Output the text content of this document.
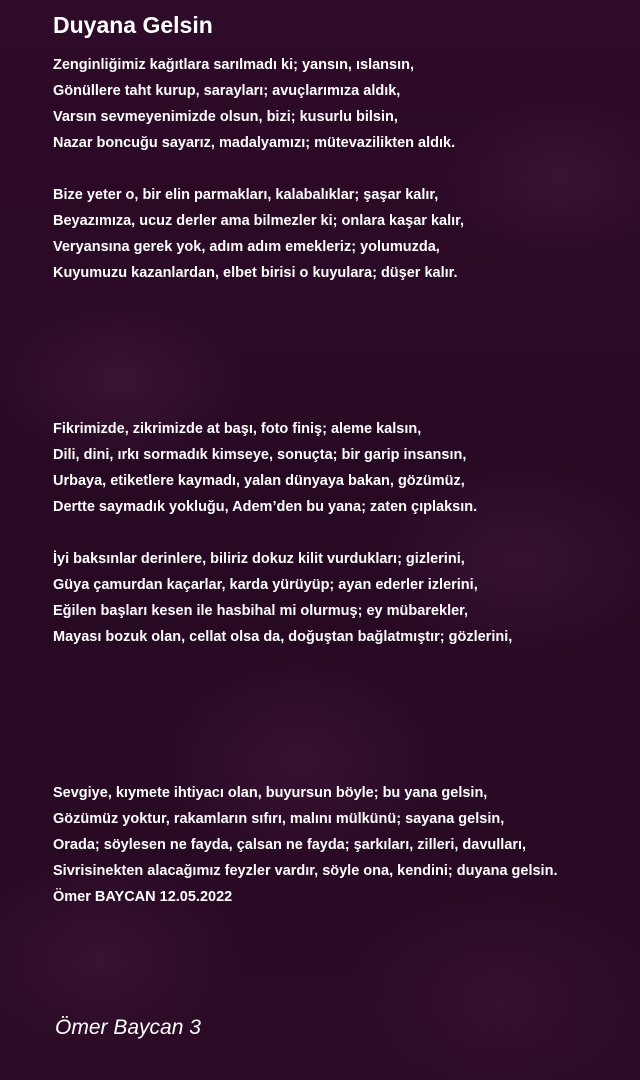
Duyana Gelsin
Zenginliğimiz kağıtlara sarılmadı ki; yansın, ıslansın,
Gönüllere taht kurup, sarayları; avuçlarımıza aldık,
Varsın sevmeyenimizde olsun, bizi; kusurlu bilsin,
Nazar boncuğu sayarız, madalyamızı; mütevazilikten aldık.
Bize yeter o, bir elin parmakları, kalabalıklar; şaşar kalır,
Beyazımıza, ucuz derler ama bilmezler ki; onlara kaşar kalır,
Veryansına gerek yok, adım adım emekleriz; yolumuzda,
Kuyumuzu kazanlardan, elbet birisi o kuyulara; düşer kalır.
Fikrimizde, zikrimizde at başı, foto finiş; aleme kalsın,
Dili, dini, ırkı sormadık kimseye, sonuçta; bir garip insansın,
Urbaya, etiketlere kaymadı, yalan dünyaya bakan, gözümüz,
Dertte saymadık yokluğu, Adem’den bu yana; zaten çıplaksın.
İyi baksınlar derinlere, biliriz dokuz kilit vurdukları; gizlerini,
Güya çamurdan kaçarlar, karda yürüyüp; ayan ederler izlerini,
Eğilen başları kesen ile hasbihal mi olurmuş; ey mübarekler,
Mayası bozuk olan, cellat olsa da, doğuştan bağlatmıştır; gözlerini,
Sevgiye, kıymete ihtiyacı olan, buyursun böyle; bu yana gelsin,
Gözümüz yoktur, rakamların sıfırı, malını mülkünü; sayana gelsin,
Orada; söylesen ne fayda, çalsan ne fayda; şarkıları, zilleri, davulları,
Sivrisinekten alacağımız feyzler vardır, söyle ona, kendini; duyana gelsin.
Ömer BAYCAN 12.05.2022
Ömer Baycan 3
